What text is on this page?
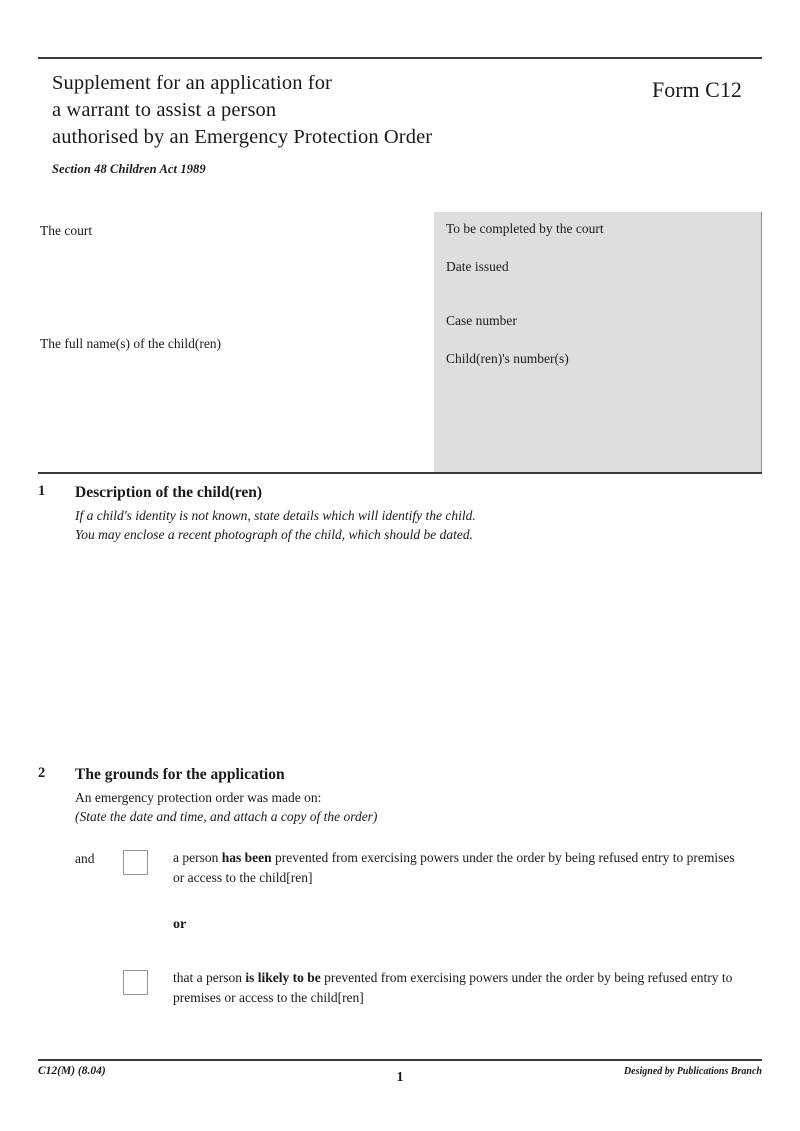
Supplement for an application for
a warrant to assist a person
authorised by an Emergency Protection Order
Form C12
Section 48 Children Act 1989
The court
The full name(s) of the child(ren)
To be completed by the court
Date issued
Case number
Child(ren)'s number(s)
1	Description of the child(ren)
If a child's identity is not known, state details which will identify the child.
You may enclose a recent photograph of the child, which should be dated.
2	The grounds for the application
An emergency protection order was made on:
(State the date and time, and attach a copy of the order)
and	a person has been prevented from exercising powers under the order by being refused entry to premises or access to the child[ren]
or
that a person is likely to be prevented from exercising powers under the order by being refused entry to premises or access to the child[ren]
C12(M) (8.04)	1	Designed by Publications Branch
